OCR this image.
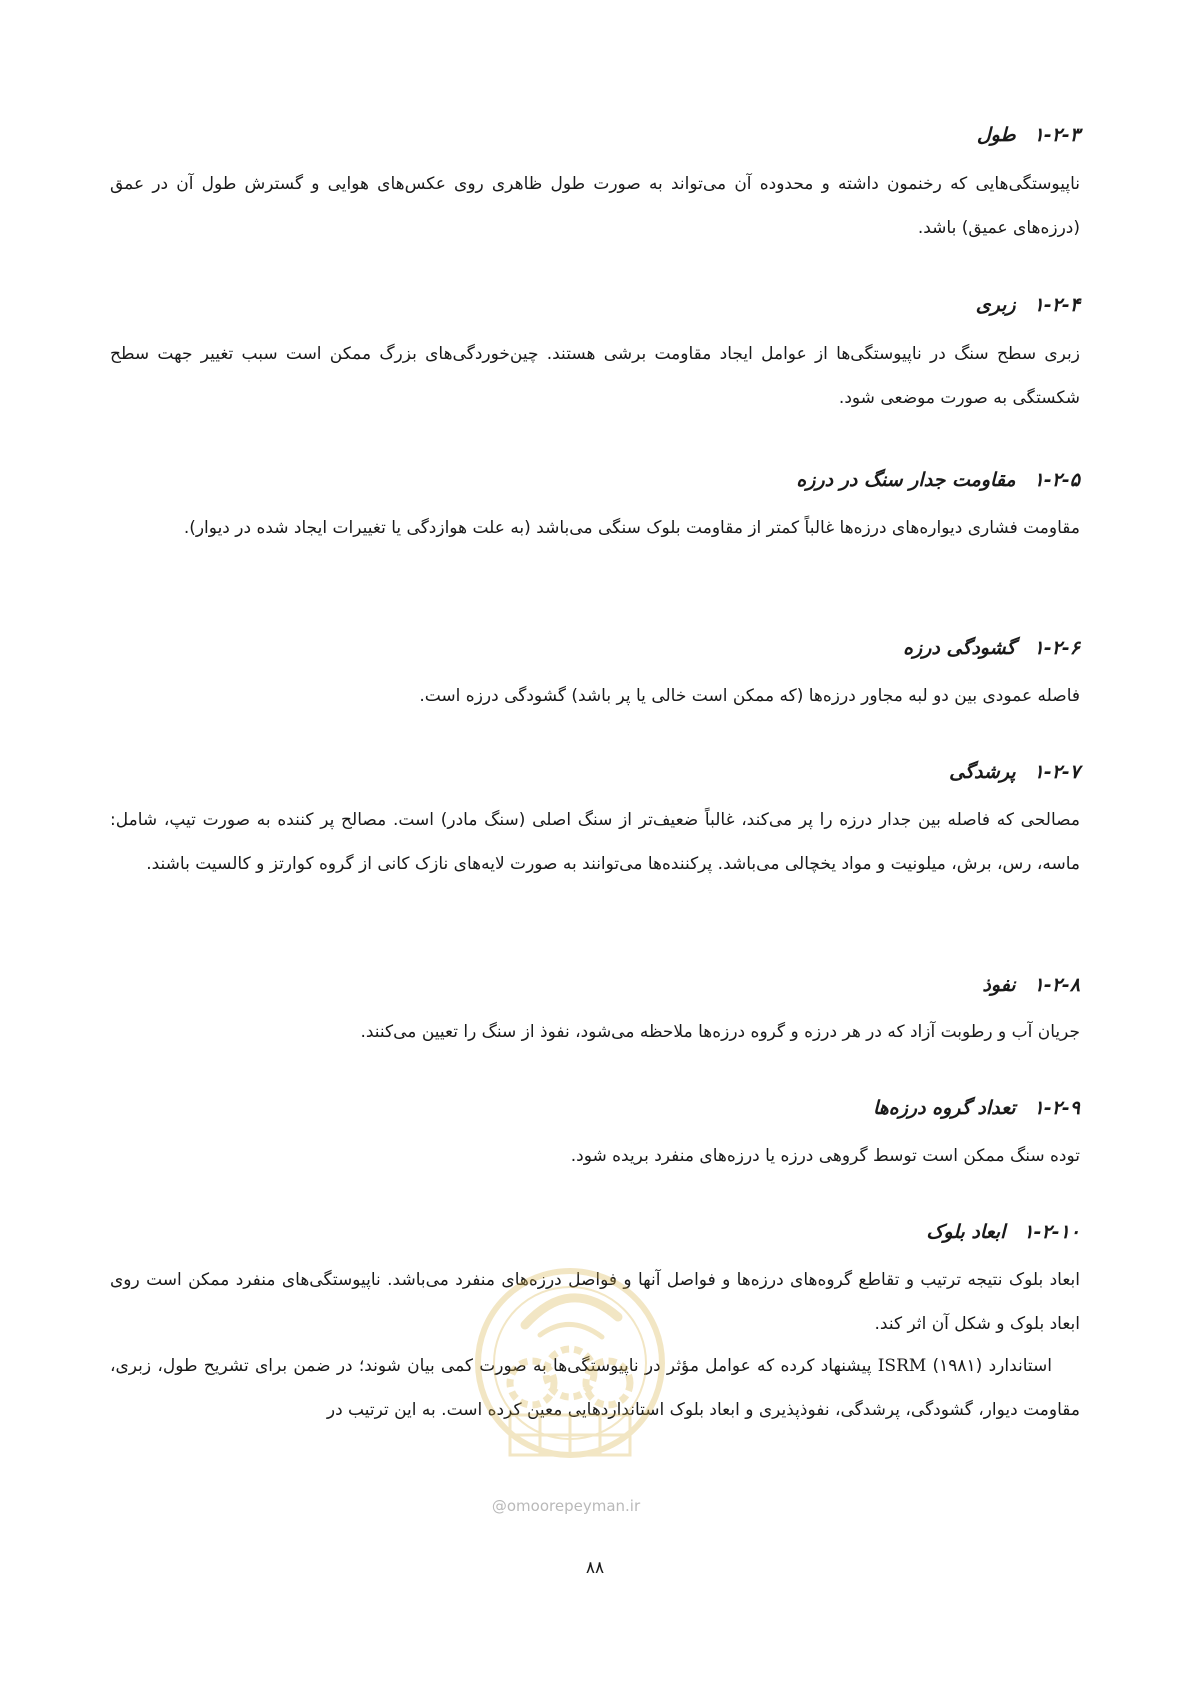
۱-۲-۳طول

ناپیوستگی‌هایی که رخنمون داشته و محدوده آن می‌تواند به صورت طول ظاهری روی عکس‌های هوایی و گسترش طول آن در عمق (درزه‌های عمیق) باشد.

۱-۲-۴زبری

زبری سطح سنگ در ناپیوستگی‌ها از عوامل ایجاد مقاومت برشی هستند. چین‌خوردگی‌های بزرگ ممکن است سبب تغییر جهت سطح شکستگی به صورت موضعی شود.

۱-۲-۵مقاومت جدار سنگ در درزه

مقاومت فشاری دیواره‌های درزه‌ها غالباً کمتر از مقاومت بلوک سنگی می‌باشد (به علت هوازدگی یا تغییرات ایجاد شده در دیوار).

۱-۲-۶گشودگی درزه

فاصله عمودی بین دو لبه مجاور درزه‌ها (که ممکن است خالی یا پر باشد) گشودگی درزه است.

۱-۲-۷پرشدگی

مصالحی که فاصله بین جدار درزه را پر می‌کند، غالباً ضعیف‌تر از سنگ اصلی (سنگ مادر) است. مصالح پر کننده به صورت تیپ، شامل: ماسه، رس، برش، میلونیت و مواد یخچالی می‌باشد. پرکننده‌ها می‌توانند به صورت لایه‌های نازک کانی از گروه کوارتز و کالسیت باشند.

۱-۲-۸نفوذ

جریان آب و رطوبت آزاد که در هر درزه و گروه درزه‌ها ملاحظه می‌شود، نفوذ از سنگ را تعیین می‌کنند.

۱-۲-۹تعداد گروه درزه‌ها

توده سنگ ممکن است توسط گروهی درزه یا درزه‌های منفرد بریده شود.

۱-۲-۱۰ابعاد بلوک

ابعاد بلوک نتیجه ترتیب و تقاطع گروه‌های درزه‌ها و فواصل آنها و فواصل درزه‌های منفرد می‌باشد. ناپیوستگی‌های منفرد ممکن است روی ابعاد بلوک و شکل آن اثر کند.

استاندارد ISRM (۱۹۸۱) پیشنهاد کرده که عوامل مؤثر در ناپیوستگی‌ها به صورت کمی بیان شوند؛ در ضمن برای تشریح طول، زبری، مقاومت دیوار، گشودگی، پرشدگی، نفوذپذیری و ابعاد بلوک استانداردهایی معین کرده است. به این ترتیب در

@omoorepeyman.ir
۸۸
